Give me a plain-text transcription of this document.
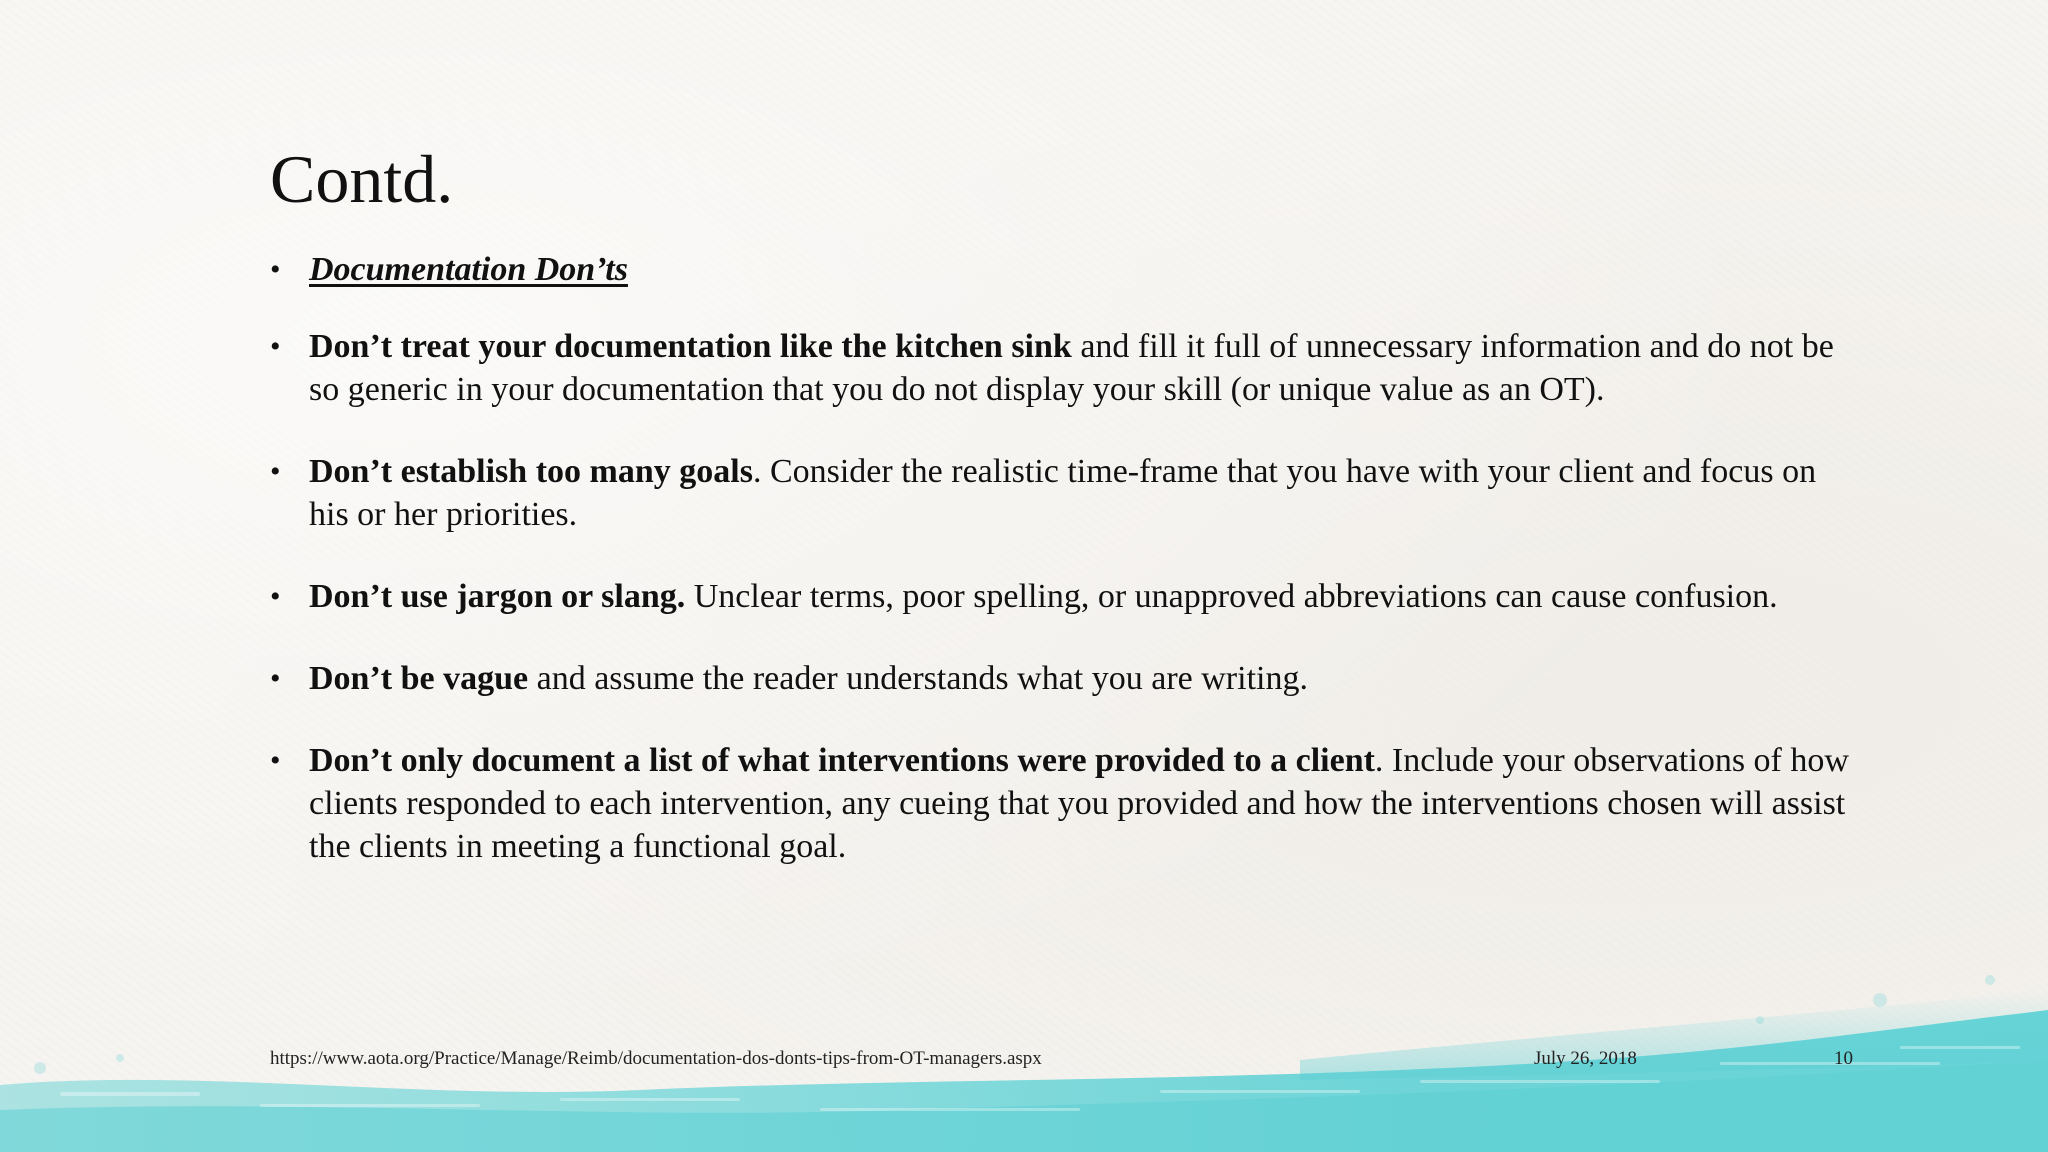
Contd.
• Documentation Don’ts
• Don’t treat your documentation like the kitchen sink and fill it full of unnecessary information and do not be so generic in your documentation that you do not display your skill (or unique value as an OT).
• Don’t establish too many goals. Consider the realistic time-frame that you have with your client and focus on his or her priorities.
• Don’t use jargon or slang. Unclear terms, poor spelling, or unapproved abbreviations can cause confusion.
• Don’t be vague and assume the reader understands what you are writing.
• Don’t only document a list of what interventions were provided to a client. Include your observations of how clients responded to each intervention, any cueing that you provided and how the interventions chosen will assist the clients in meeting a functional goal.
https://www.aota.org/Practice/Manage/Reimb/documentation-dos-donts-tips-from-OT-managers.aspx	July 26, 2018	10
